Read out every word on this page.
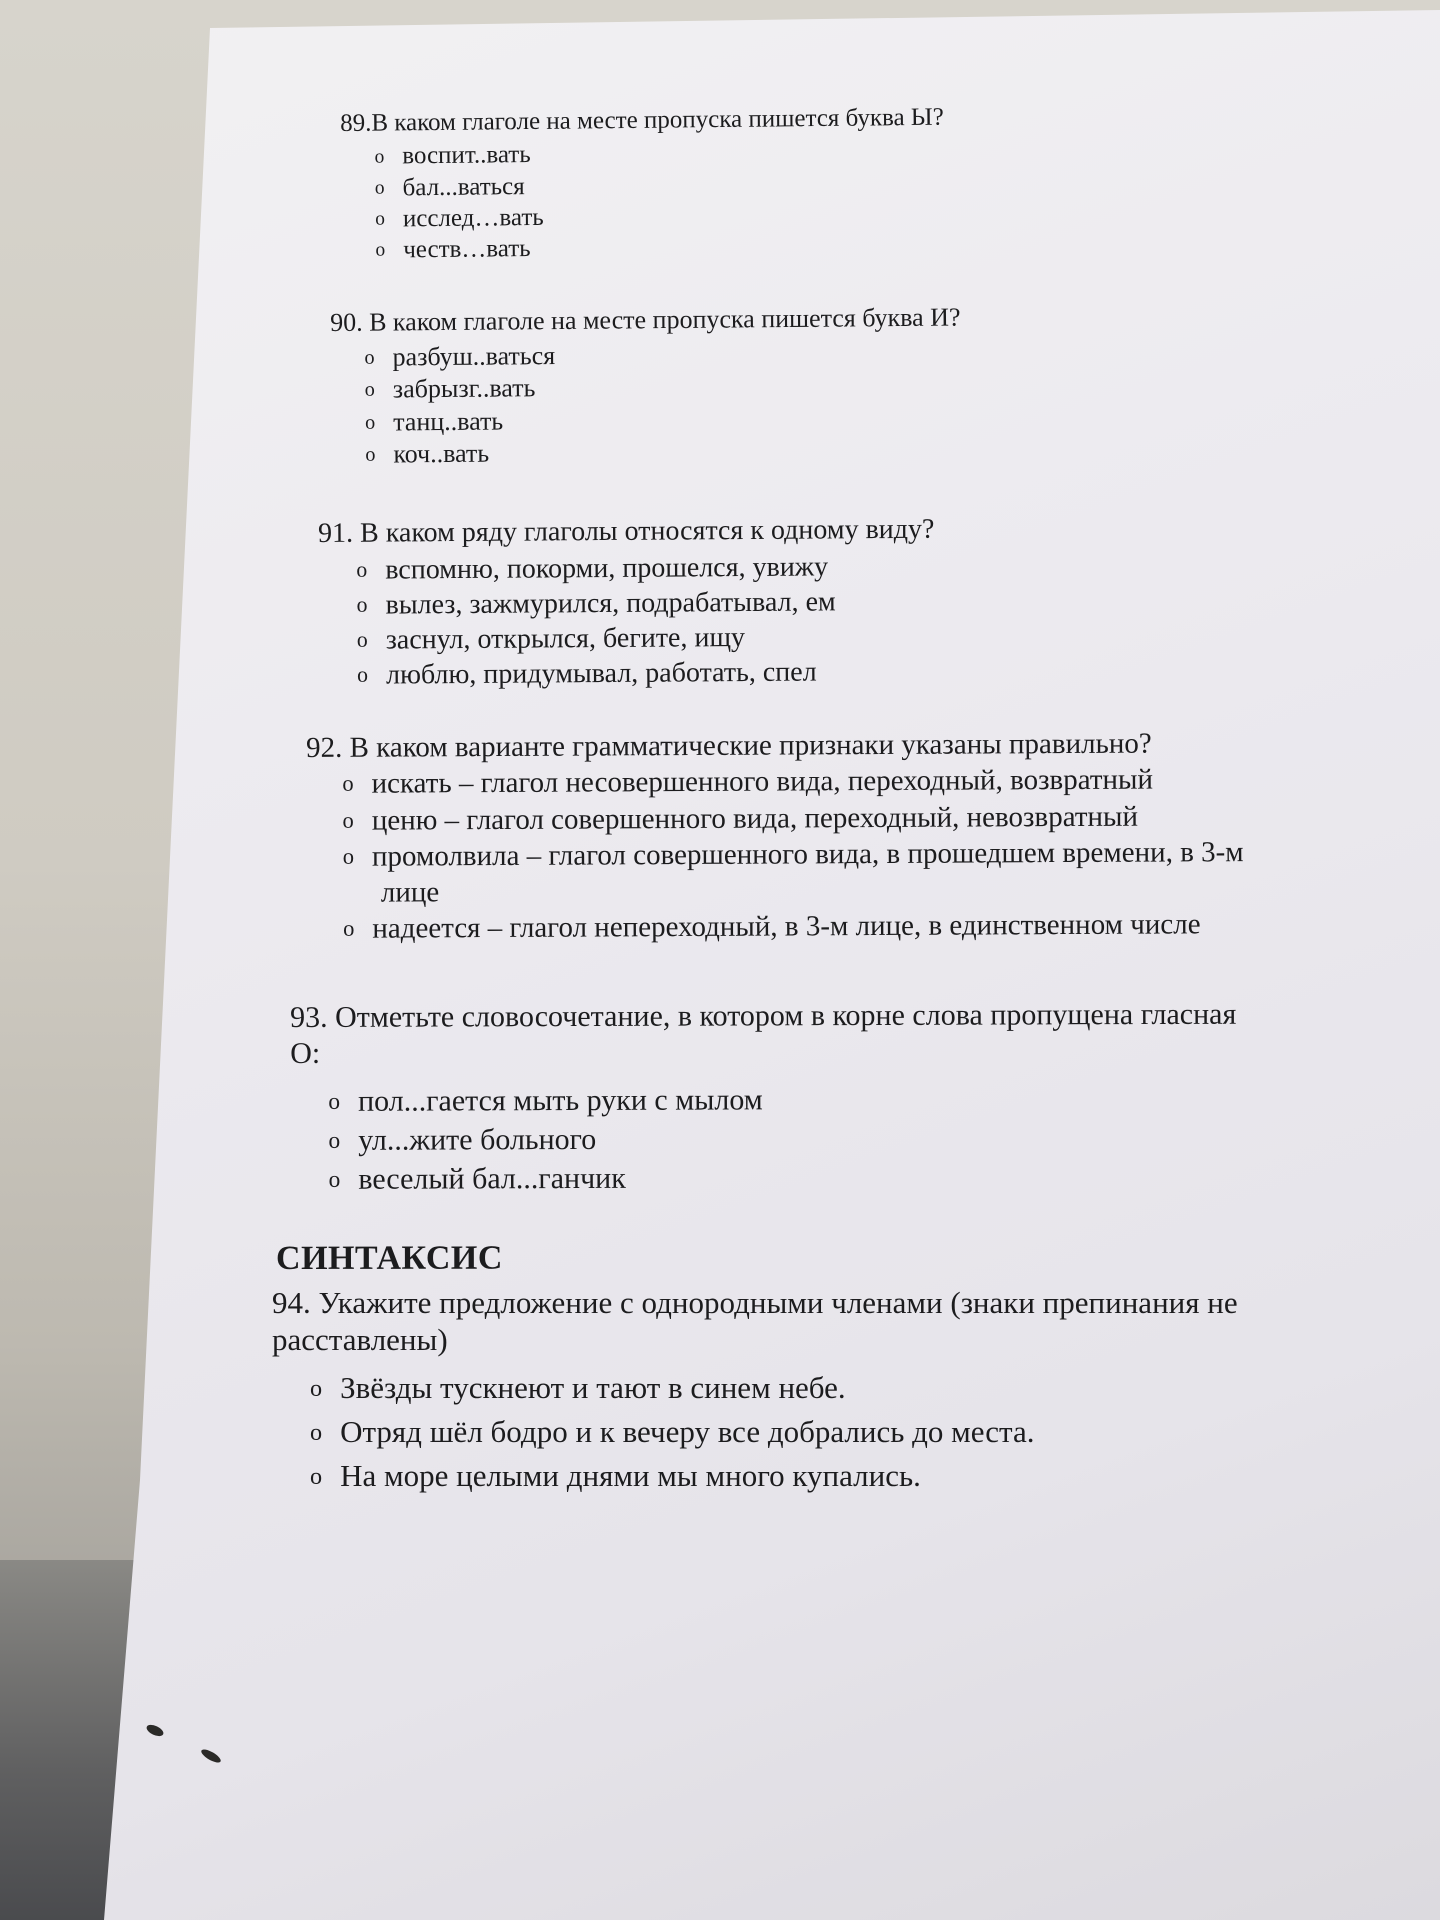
89.В каком глаголе на месте пропуска пишется буква Ы?
o воспит..вать
o бал...ваться
o исслед…вать
o честв…вать
90. В каком глаголе на месте пропуска пишется буква И?
o разбуш..ваться
o забрызг..вать
o танц..вать
o коч..вать
91. В каком ряду глаголы относятся к одному виду?
o вспомню, покорми, прошелся, увижу
o вылез, зажмурился, подрабатывал, ем
o заснул, открылся, бегите, ищу
o люблю, придумывал, работать, спел
92. В каком варианте грамматические признаки указаны правильно?
o искать – глагол несовершенного вида, переходный, возвратный
o ценю – глагол совершенного вида, переходный, невозвратный
o промолвила – глагол совершенного вида, в прошедшем времени, в 3-м
лице
o надеется – глагол непереходный, в 3-м лице, в единственном числе
93. Отметьте словосочетание, в котором в корне слова пропущена гласная
О:
o пол...гается мыть руки с мылом
o ул...жите больного
o веселый бал...ганчик
СИНТАКСИС
94. Укажите предложение с однородными членами (знаки препинания не
расставлены)
o Звёзды тускнеют и тают в синем небе.
o Отряд шёл бодро и к вечеру все добрались до места.
o На море целыми днями мы много купались.
